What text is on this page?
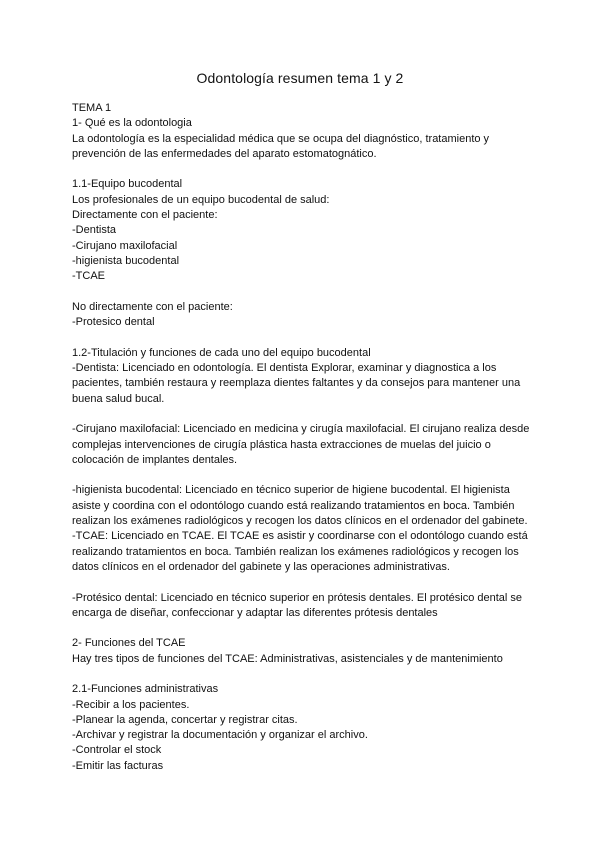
Odontología resumen tema 1 y 2

TEMA 1

1- Qué es la odontologia

La odontología es la especialidad médica que se ocupa del diagnóstico, tratamiento y prevención de las enfermedades del aparato estomatognático.

1.1-Equipo bucodental

Los profesionales de un equipo bucodental de salud:

Directamente con el paciente:

-Dentista

-Cirujano maxilofacial

-higienista bucodental

-TCAE

No directamente con el paciente:

-Protesico dental

1.2-Titulación y funciones de cada uno del equipo bucodental

-Dentista: Licenciado en odontología. El dentista Explorar, examinar y diagnostica a los pacientes, también restaura y reemplaza dientes faltantes y da consejos para mantener una buena salud bucal.

-Cirujano maxilofacial: Licenciado en medicina y cirugía maxilofacial. El cirujano realiza desde complejas intervenciones de cirugía plástica hasta extracciones de muelas del juicio o colocación de implantes dentales.

-higienista bucodental: Licenciado en técnico superior de higiene bucodental. El higienista asiste y coordina con el odontólogo cuando está realizando tratamientos en boca. También realizan los exámenes radiológicos y recogen los datos clínicos en el ordenador del gabinete.

-TCAE: Licenciado en TCAE. El TCAE es asistir y coordinarse con el odontólogo cuando está realizando tratamientos en boca. También realizan los exámenes radiológicos y recogen los datos clínicos en el ordenador del gabinete y las operaciones administrativas.

-Protésico dental: Licenciado en técnico superior en prótesis dentales. El protésico dental se encarga de diseñar, confeccionar y adaptar las diferentes prótesis dentales

2- Funciones del TCAE

Hay tres tipos de funciones del TCAE: Administrativas, asistenciales y de mantenimiento

2.1-Funciones administrativas

-Recibir a los pacientes.

-Planear la agenda, concertar y registrar citas.

-Archivar y registrar la documentación y organizar el archivo.

-Controlar el stock

-Emitir las facturas
